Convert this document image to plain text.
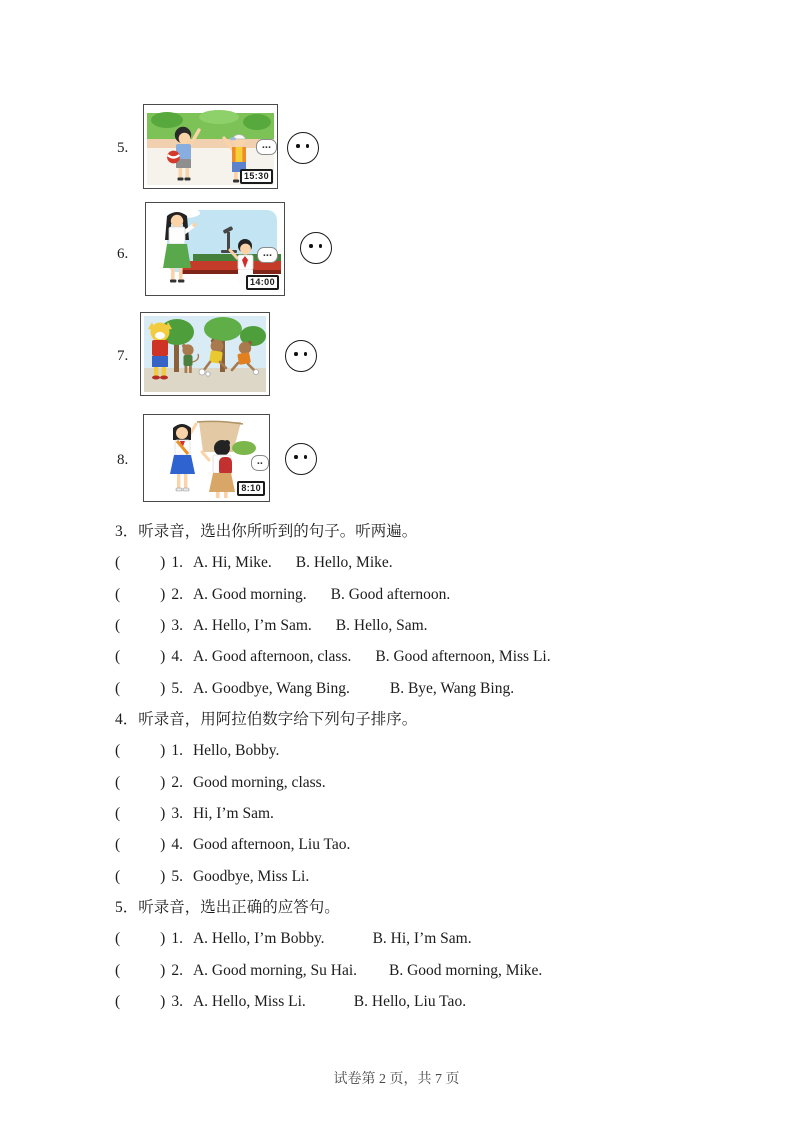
5.	...
15:30
6.	...
14:00
7.
8.	..
8:10
3．听录音，选出你所听到的句子。听两遍。
(	) 1. A. Hi, Mike. B. Hello, Mike.
(	) 2. A. Good morning. B. Good afternoon.
(	) 3. A. Hello, I’m Sam. B. Hello, Sam.
(	) 4. A. Good afternoon, class. B. Good afternoon, Miss Li.
(	) 5. A. Goodbye, Wang Bing.	B. Bye, Wang Bing.
4．听录音，用阿拉伯数字给下列句子排序。
(	) 1. Hello, Bobby.
(	) 2. Good morning, class.
(	) 3. Hi, I’m Sam.
(	) 4. Good afternoon, Liu Tao.
(	) 5. Goodbye, Miss Li.
5．听录音，选出正确的应答句。
(	) 1. A. Hello, I’m Bobby.	B. Hi, I’m Sam.
(	) 2. A. Good morning, Su Hai. B. Good morning, Mike.
(	) 3. A. Hello, Miss Li.	B. Hello, Liu Tao.
试卷第 2 页，共 7 页
